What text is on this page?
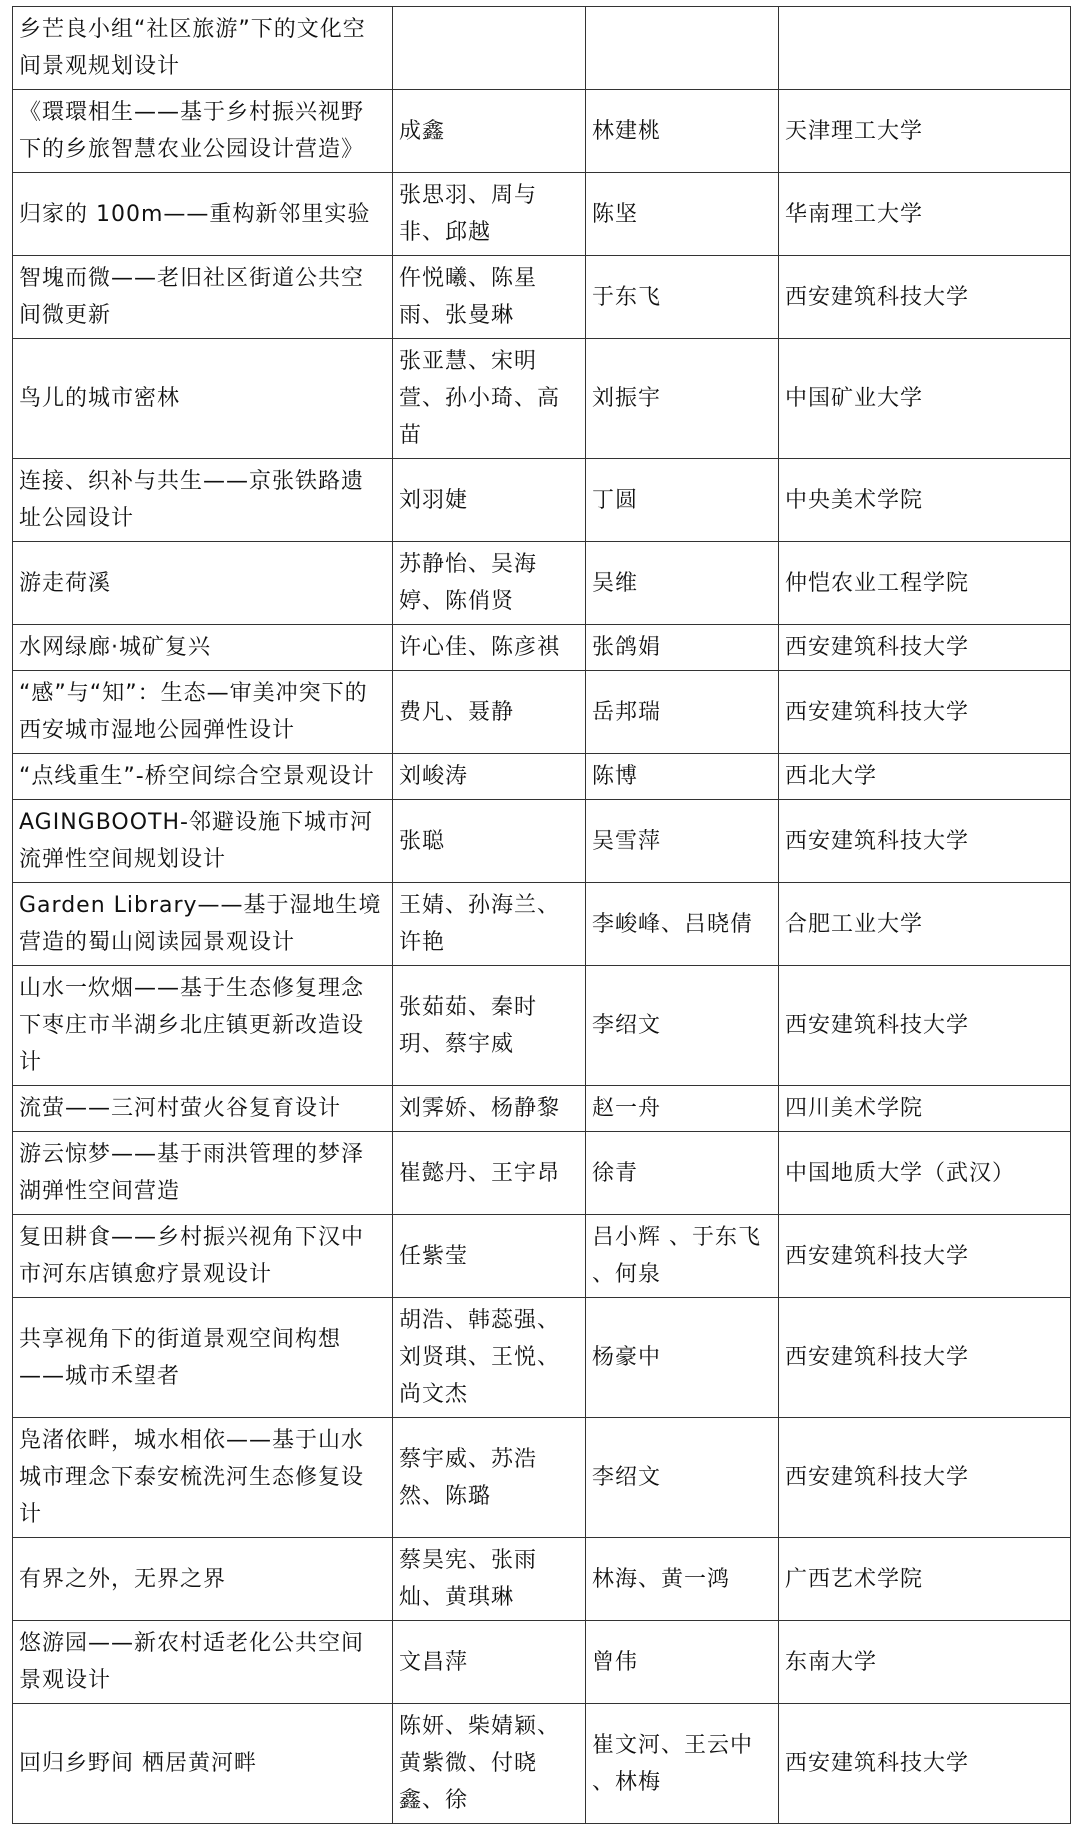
乡芒良小组“社区旅游”下的文化空间景观规划设计			
《環環相生——基于乡村振兴视野下的乡旅智慧农业公园设计营造》	成鑫	林建桃	天津理工大学
归家的 100m——重构新邻里实验	张思羽、周与非、邱越	陈坚	华南理工大学
智塊而微——老旧社区街道公共空间微更新	仵悦曦、陈星雨、张曼琳	于东飞	西安建筑科技大学
鸟儿的城市密林	张亚慧、宋明萱、孙小琦、高苗	刘振宇	中国矿业大学
连接、织补与共生——京张铁路遗址公园设计	刘羽婕	丁圆	中央美术学院
游走荷溪	苏静怡、吴海婷、陈俏贤	吴维	仲恺农业工程学院
水网绿廊·城矿复兴	许心佳、陈彦祺	张鸽娟	西安建筑科技大学
“感”与“知”：生态—审美冲突下的西安城市湿地公园弹性设计	费凡、聂静	岳邦瑞	西安建筑科技大学
“点线重生”-桥空间综合空景观设计	刘峻涛	陈博	西北大学
AGINGBOOTH-邻避设施下城市河流弹性空间规划设计	张聪	吴雪萍	西安建筑科技大学
Garden Library——基于湿地生境营造的蜀山阅读园景观设计	王婧、孙海兰、许艳	李峻峰、吕晓倩	合肥工业大学
山水一炊烟——基于生态修复理念下枣庄市半湖乡北庄镇更新改造设计	张茹茹、秦时玥、蔡宇威	李绍文	西安建筑科技大学
流萤——三河村萤火谷复育设计	刘霁娇、杨静黎	赵一舟	四川美术学院
游云惊梦——基于雨洪管理的梦泽湖弹性空间营造	崔懿丹、王宇昂	徐青	中国地质大学（武汉）
复田耕食——乡村振兴视角下汉中市河东店镇愈疗景观设计	任紫莹	吕小辉 、于东飞 、何泉	西安建筑科技大学
共享视角下的街道景观空间构想——城市禾望者	胡浩、韩蕊强、刘贤琪、王悦、尚文杰	杨豪中	西安建筑科技大学
凫渚依畔，城水相依——基于山水城市理念下泰安梳洗河生态修复设计	蔡宇威、苏浩然、陈璐	李绍文	西安建筑科技大学
有界之外，无界之界	蔡昊宪、张雨灿、黄琪琳	林海、黄一鸿	广西艺术学院
悠游园——新农村适老化公共空间景观设计	文昌萍	曾伟	东南大学
回归乡野间 栖居黄河畔	陈妍、柴婧颖、黄紫微、付晓鑫、徐	崔文河、王云中 、林梅	西安建筑科技大学
